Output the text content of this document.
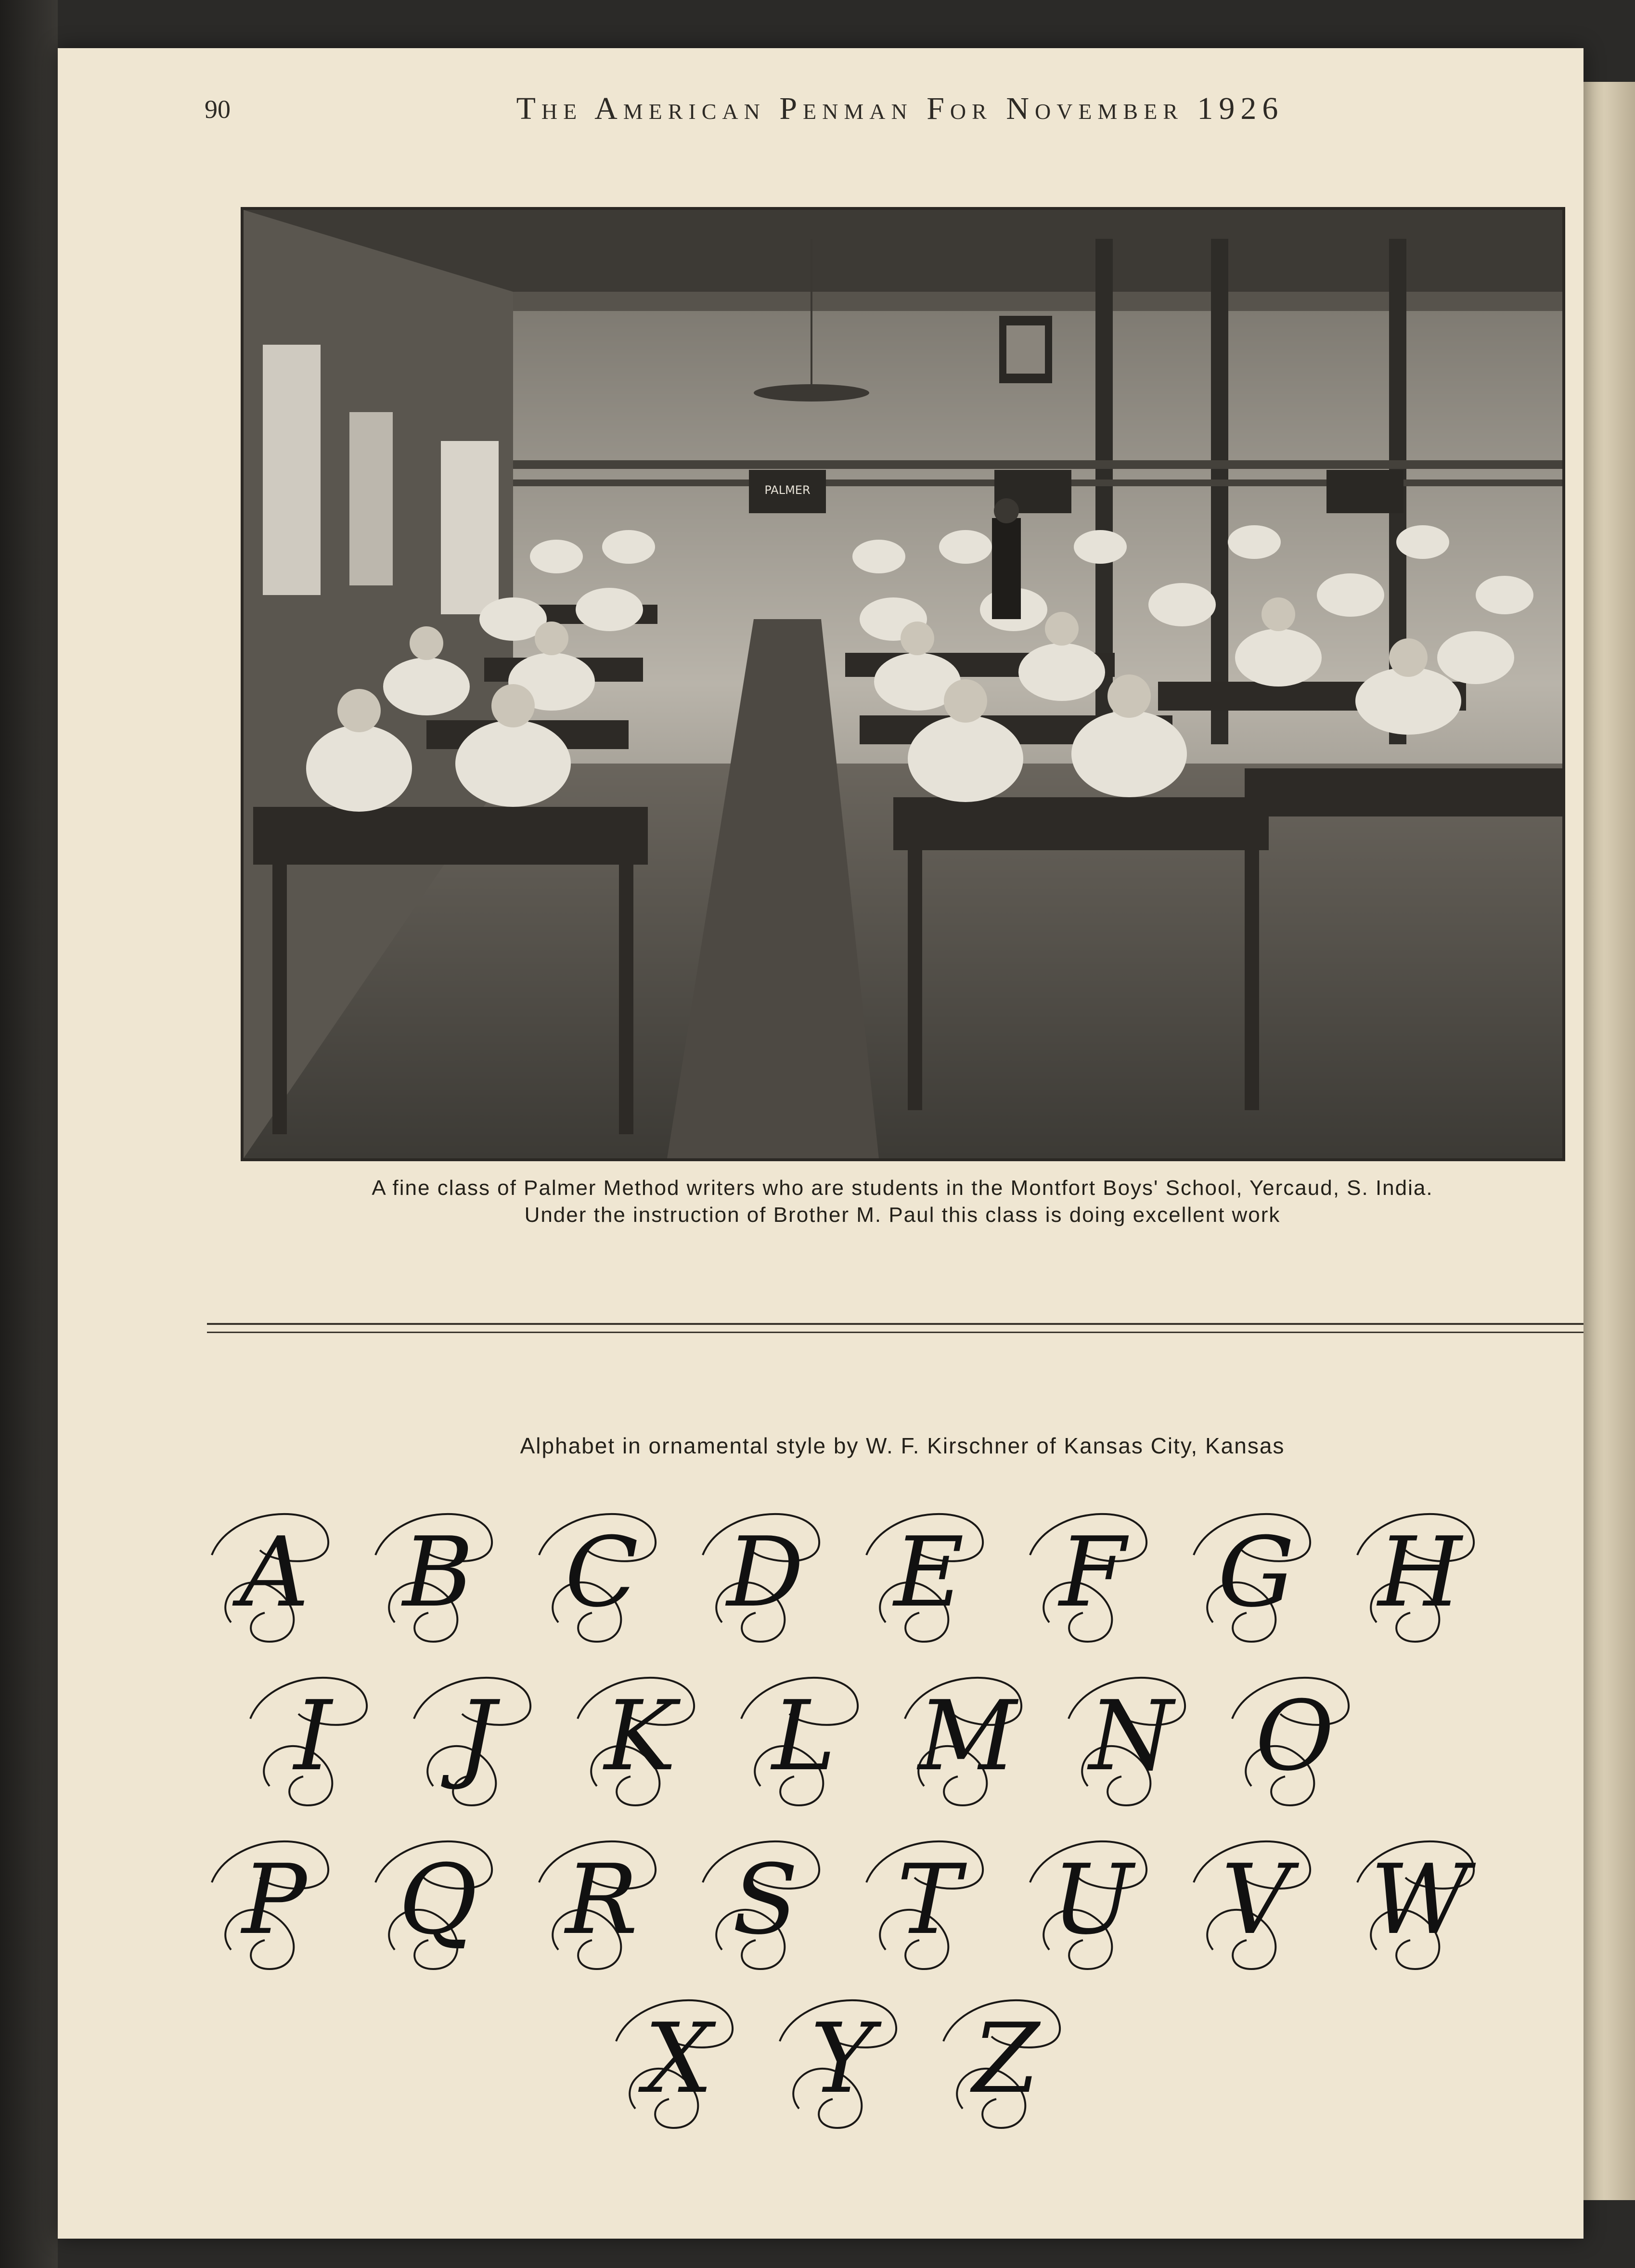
90	The American Penman For November 1926
PALMER
A fine class of Palmer Method writers who are students in the Montfort Boys' School, Yercaud, S. India.
Under the instruction of Brother M. Paul this class is doing excellent work
Alphabet in ornamental style by W. F. Kirschner of Kansas City, Kansas
A B C D E F G H
I	J	K L M N O
P Q R S	T U V W
X	Y	Z
